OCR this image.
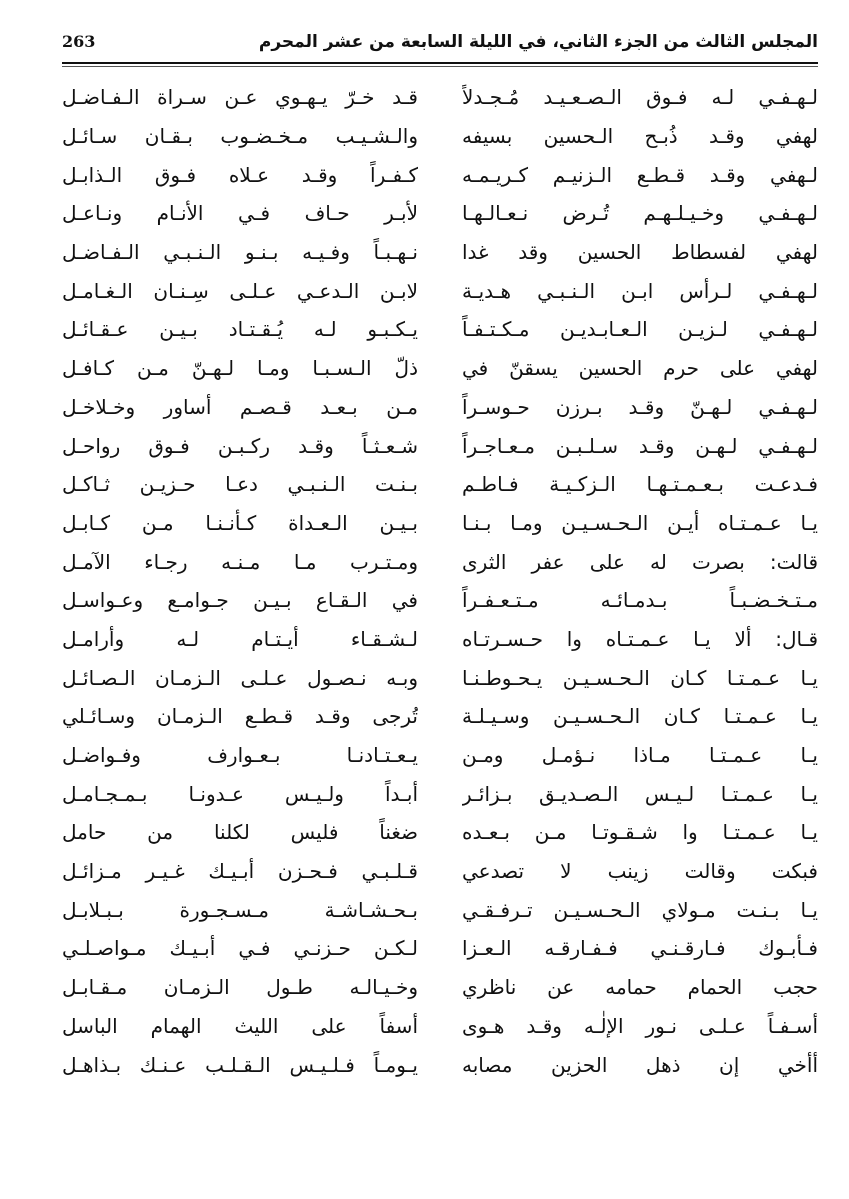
المجلس الثالث من الجزء الثاني، في الليلة السابعة من عشر المحرم
263
لـهـفـي لـه فـوق الـصـعـيـد مُـجـدلاً
قـد خـرّ يـهـوي عـن سـراة الـفـاضـل
لهفي وقـد ذُبـح الـحسين بسيفه
والـشـيـب مـخـضـوب بـقـان سـائـل
لـهفي وقـد قـطـع الـزنيـم كـريـمـه
كـفـراً وقـد عـلاه فـوق الـذابـل
لـهـفـي وخـيـلـهـم تُـرض نـعـالـهـا
لأبـر حـاف فـي الأنـام ونـاعـل
لهفي لفسطاط الحسين وقد غدا
نـهـبـاً وفـيـه بـنـو الـنـبـي الـفـاضـل
لـهـفـي لـرأس ابـن الـنـبـي هـديـة
لابـن الـدعـي عـلـى سِـنـان الـغـامـل
لـهـفـي لـزيـن الـعـابـديـن مـكـتـفـاً
يـكـبـو لـه يُـقـتـاد بـيـن عـقـائـل
لهفي على حرم الحسين يسقنّ في
ذلّ الـسـبـا ومـا لـهـنّ مـن كـافـل
لـهـفـي لـهـنّ وقـد بـرزن حـوسـراً
مـن بـعـد قـصـم أساور وخـلاخـل
لـهـفـي لـهـن وقـد سـلـبـن مـعـاجـراً
شـعـثـاً وقـد ركـبـن فـوق رواحـل
فـدعـت بـعـمـتـهـا الـزكـيـة فـاطـم
بـنـت الـنـبـي دعـا حـزيـن ثـاكـل
يـا عـمـتـاه أيـن الـحـسـيـن ومـا بـنـا
بـيـن الـعـداة كـأنـنـا مـن كـابـل
قالت: بصرت له على عفر الثرى
ومـتـرب مـا مـنـه رجـاء الآمـل
مـتـخـضـبـاً بـدمـائـه مـتـعـفـراً
في الـقـاع بـيـن جـوامـع وعـواسـل
قـال: ألا يـا عـمـتـاه وا حـسـرتـاه
لـشـقـاء أيـتـام لـه وأرامـل
يـا عـمـتـا كـان الـحـسـيـن يـحـوطـنـا
وبـه نـصـول عـلـى الـزمـان الـصـائـل
يـا عـمـتـا كـان الـحـسـيـن وسـيـلـة
تُرجى وقـد قـطـع الـزمـان وسـائـلي
يـا عـمـتـا مـاذا نـؤمـل ومـن
يـعـتـادنـا بـعـوارف وفـواضـل
يـا عـمـتـا لـيـس الـصـديـق بـزائـر
أبـداً ولـيـس عـدونـا بـمـجـامـل
يـا عـمـتـا وا شـقـوتـا مـن بـعـده
ضغناً فليس لكلنا من حامل
فبكت وقالت زينب لا تصدعي
قـلـبـي فـحـزن أبـيـك غـيـر مـزائـل
يـا بـنـت مـولاي الـحـسـيـن تـرفـقـي
بـحـشـاشـة مـسـجـورة بـبـلابـل
فـأبـوك فـارقـنـي فـفـارقـه الـعـزا
لـكـن حـزنـي فـي أبـيـك مـواصـلـي
حجب الحمام حمامه عن ناظري
وخـيـالـه طـول الـزمـان مـقـابـل
أسـفـاً عـلـى نـور الإلٰـه وقـد هـوى
أسفاً على الليث الهمام الباسل
أأخي إن ذهل الحزين مصابه
يـومـاً فـلـيـس الـقـلـب عـنـك بـذاهـل
